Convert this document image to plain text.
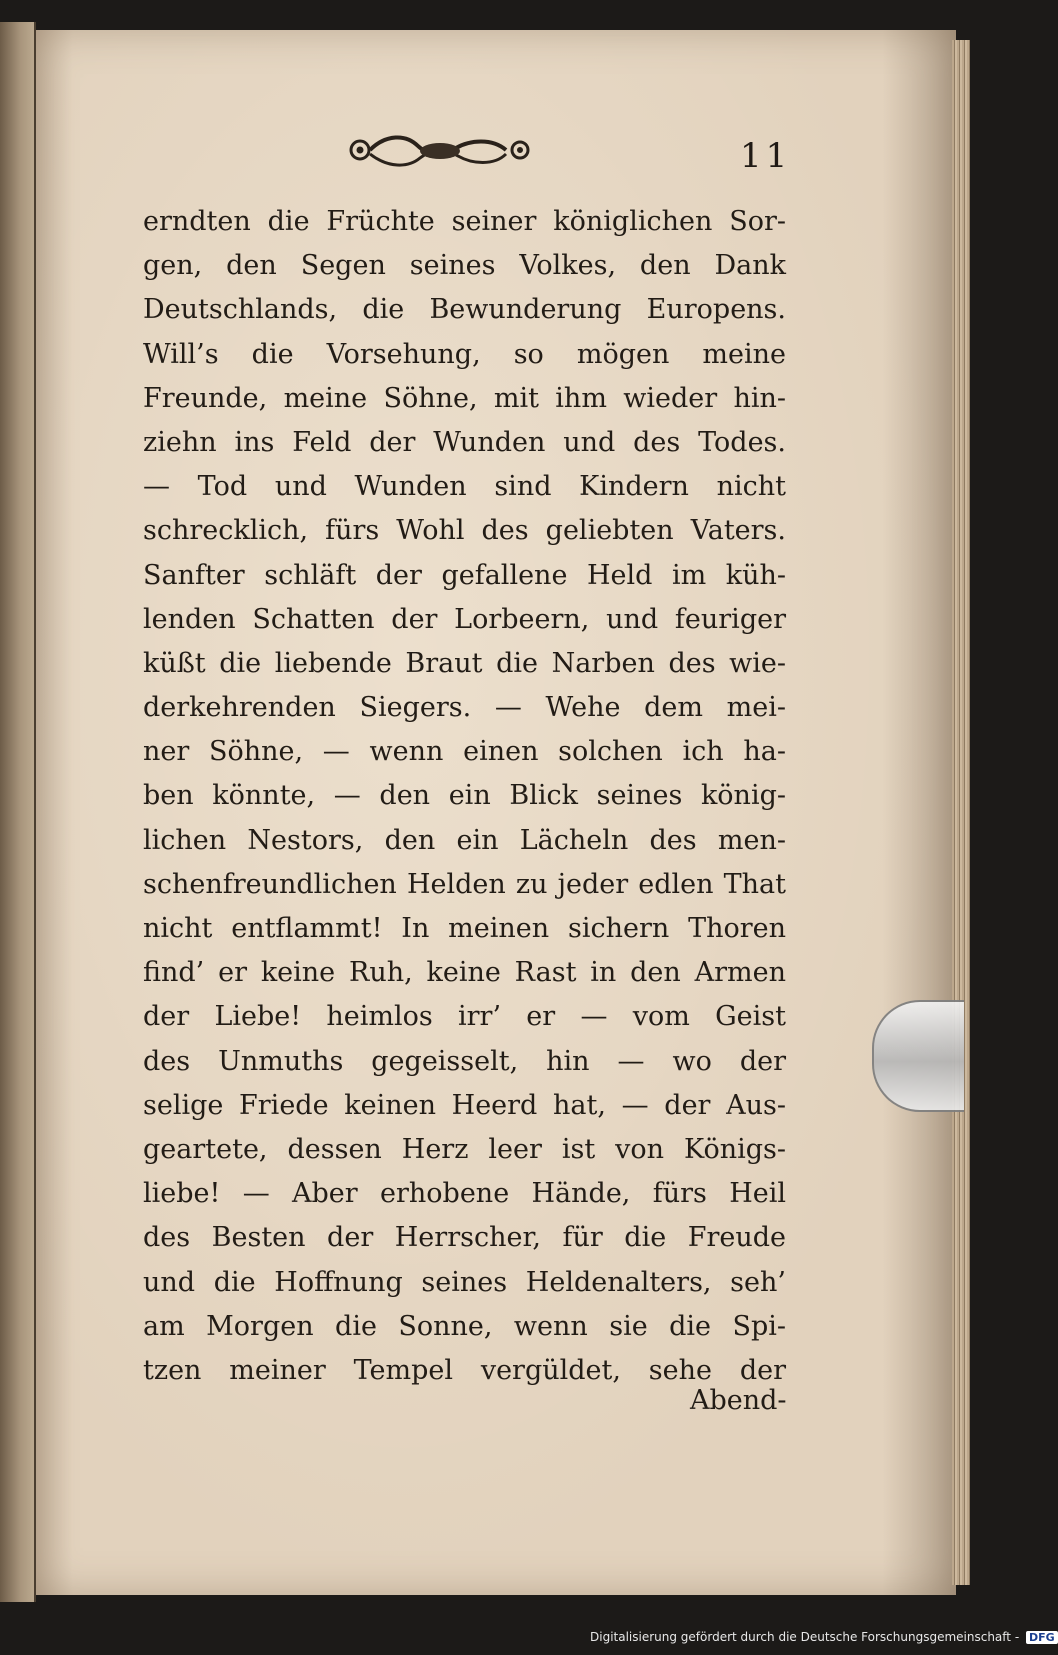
11
erndten die Früchte seiner königlichen Sor‑
gen, den Segen seines Volkes, den Dank
Deutschlands, die Bewunderung Europens.
Will’s die Vorsehung, so mögen meine
Freunde, meine Söhne, mit ihm wieder hin‑
ziehn ins Feld der Wunden und des Todes.
— Tod und Wunden sind Kindern nicht
schrecklich, fürs Wohl des geliebten Vaters.
Sanfter schläft der gefallene Held im küh‑
lenden Schatten der Lorbeern, und feuriger
küßt die liebende Braut die Narben des wie‑
derkehrenden Siegers. — Wehe dem mei‑
ner Söhne, — wenn einen solchen ich ha‑
ben könnte, — den ein Blick seines könig‑
lichen Nestors, den ein Lächeln des men‑
schenfreundlichen Helden zu jeder edlen That
nicht entflammt! In meinen sichern Thoren
find’ er keine Ruh, keine Rast in den Armen
der Liebe! heimlos irr’ er — vom Geist
des Unmuths gegeisselt, hin — wo der
selige Friede keinen Heerd hat, — der Aus‑
geartete, dessen Herz leer ist von Königs‑
liebe! — Aber erhobene Hände, fürs Heil
des Besten der Herrscher, für die Freude
und die Hoffnung seines Heldenalters, seh’
am Morgen die Sonne, wenn sie die Spi‑
tzen meiner Tempel vergüldet, sehe der
Abend‑
Digitalisierung gefördert durch die Deutsche Forschungsgemeinschaft - DFG
